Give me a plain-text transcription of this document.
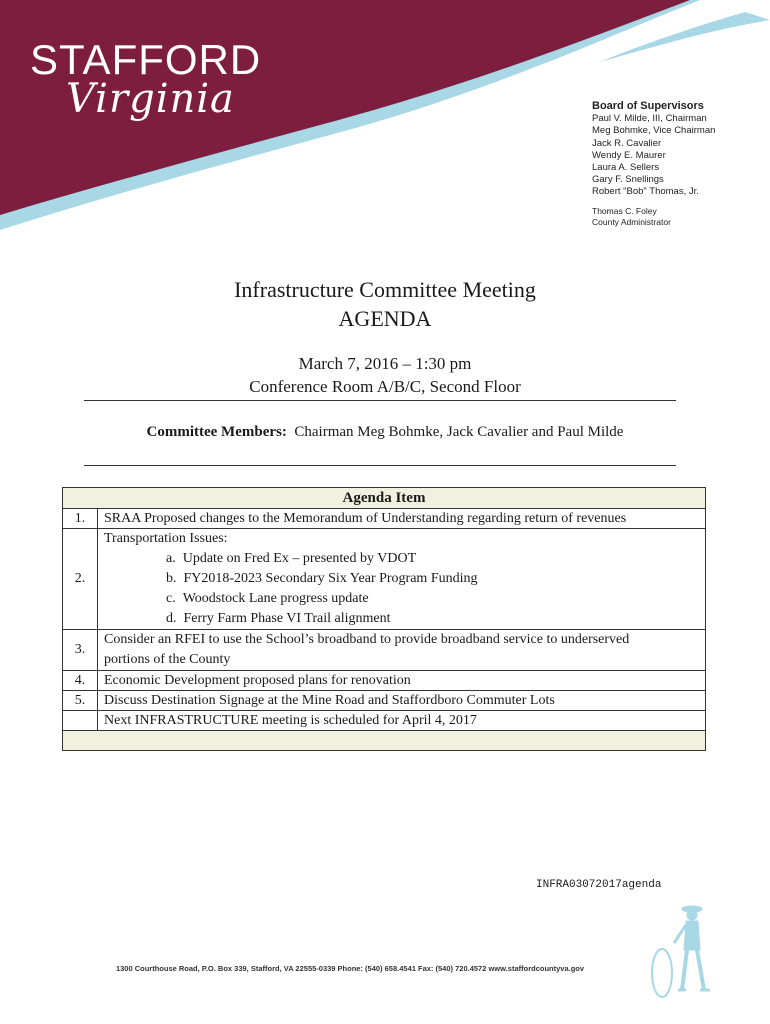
STAFFORD
Virginia	Board of Supervisors
Paul V. Milde, III, Chairman
Meg Bohmke, Vice Chairman
Jack R. Cavalier
Wendy E. Maurer
Laura A. Sellers
Gary F. Snellings
Robert "Bob" Thomas, Jr.
Thomas C. Foley
County Administrator
Infrastructure Committee Meeting
AGENDA
March 7, 2016 – 1:30 pm
Conference Room A/B/C, Second Floor
Committee Members: Chairman Meg Bohmke, Jack Cavalier and Paul Milde
Agenda Item	
1.	SRAA Proposed changes to the Memorandum of Understanding regarding return of revenues
2.	Transportation Issues:
a. Update on Fred Ex – presented by VDOT
b. FY2018-2023 Secondary Six Year Program Funding
c. Woodstock Lane progress update
d. Ferry Farm Phase VI Trail alignment

3.	Consider an RFEI to use the School’s broadband to provide broadband service to underserved
portions of the County

4.	Economic Development proposed plans for renovation
5.	Discuss Destination Signage at the Mine Road and Staffordboro Commuter Lots
	Next INFRASTRUCTURE meeting is scheduled for April 4, 2017

INFRA03072017agenda
1300 Courthouse Road, P.O. Box 339, Stafford, VA 22555-0339 Phone: (540) 658.4541 Fax: (540) 720.4572 www.staffordcountyva.gov
